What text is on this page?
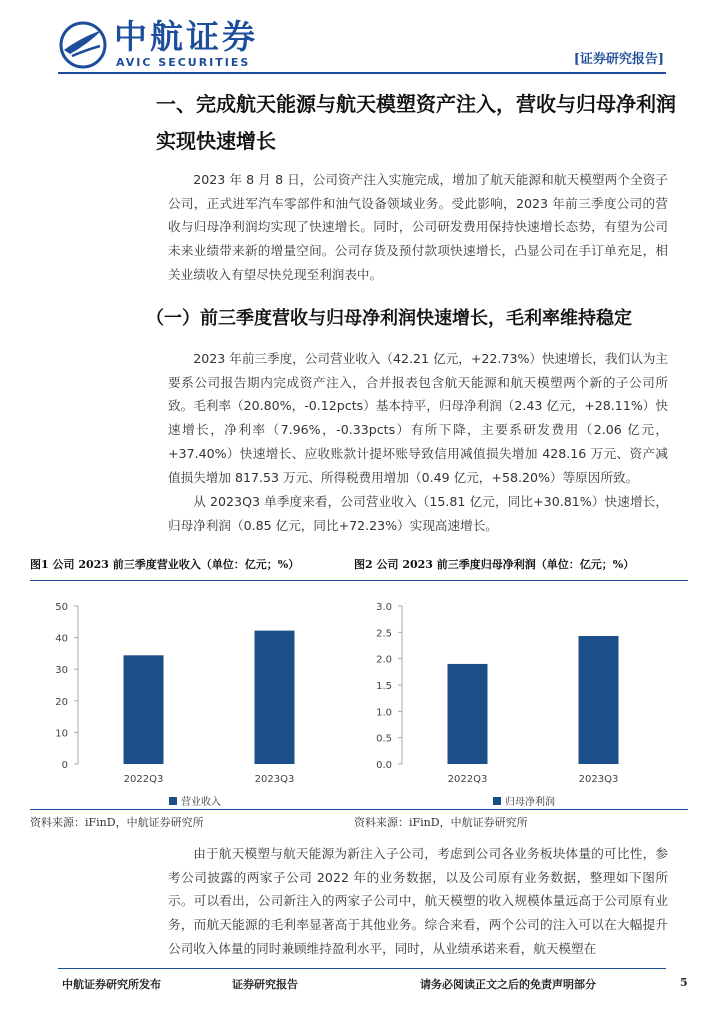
中航证券
AVIC SECURITIES	[证券研究报告]
一、完成航天能源与航天模塑资产注入，营收与归母净利润
实现快速增长

2023 年 8 月 8 日，公司资产注入实施完成，增加了航天能源和航天模塑两个全资子公司，正式进军汽车零部件和油气设备领域业务。受此影响，2023 年前三季度公司的营收与归母净利润均实现了快速增长。同时，公司研发费用保持快速增长态势，有望为公司未来业绩带来新的增量空间。公司存货及预付款项快速增长，凸显公司在手订单充足，相关业绩收入有望尽快兑现至利润表中。

（一）前三季度营收与归母净利润快速增长，毛利率维持稳定

2023 年前三季度，公司营业收入（42.21 亿元，+22.73%）快速增长，我们认为主要系公司报告期内完成资产注入，合并报表包含航天能源和航天模塑两个新的子公司所致。毛利率（20.80%，-0.12pcts）基本持平，归母净利润（2.43 亿元，+28.11%）快速增长，净利率（7.96%，-0.33pcts）有所下降，主要系研发费用（2.06 亿元，+37.40%）快速增长、应收账款计提坏账导致信用减值损失增加 428.16 万元、资产减值损失增加 817.53 万元、所得税费用增加（0.49 亿元，+58.20%）等原因所致。

从 2023Q3 单季度来看，公司营业收入（15.81 亿元，同比+30.81%）快速增长，归母净利润（0.85 亿元，同比+72.23%）实现高速增长。

图1 公司 2023 前三季度营业收入（单位：亿元；%）
50
40
30
20
10
0
2022Q3	2023Q3
营业收入
资料来源：iFinD，中航证券研究所
图2 公司 2023 前三季度归母净利润（单位：亿元；%）
3.0
2.5
2.0
1.5
1.0
0.5
0.0
2022Q3	2023Q3
归母净利润
资料来源：iFinD，中航证券研究所

由于航天模塑与航天能源为新注入子公司，考虑到公司各业务板块体量的可比性，参考公司披露的两家子公司 2022 年的业务数据，以及公司原有业务数据，整理如下图所示。可以看出，公司新注入的两家子公司中，航天模塑的收入规模体量远高于公司原有业务，而航天能源的毛利率显著高于其他业务。综合来看，两个公司的注入可以在大幅提升公司收入体量的同时兼顾维持盈利水平，同时，从业绩承诺来看，航天模塑在

中航证券研究所发布	证券研究报告	请务必阅读正文之后的免责声明部分	5
